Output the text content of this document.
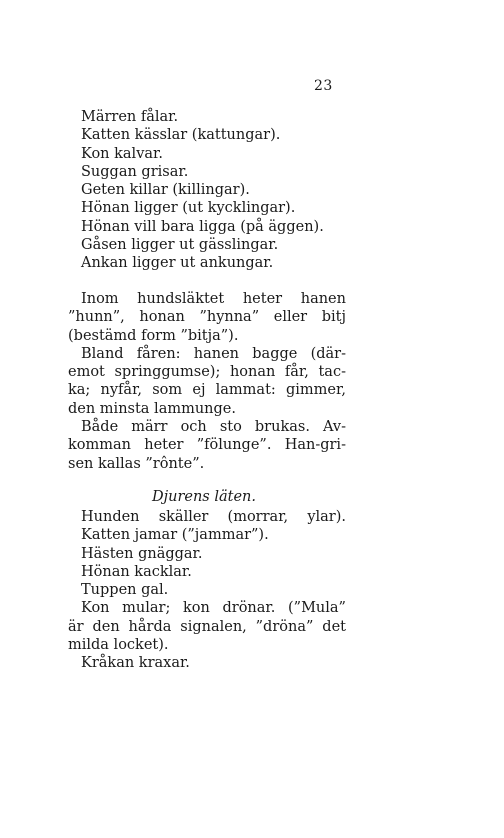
23
Märren fålar.
Katten kässlar (kattungar).
Kon kalvar.
Suggan grisar.
Geten killar (killingar).
Hönan ligger (ut kycklingar).
Hönan vill bara ligga (på äggen).
Gåsen ligger ut gässlingar.
Ankan ligger ut ankungar.
Inom hundsläktet heter hanen
”hunn”, honan ”hynna” eller bitj
(bestämd form ”bitja”).
Bland fåren: hanen bagge (där-
emot springgumse); honan får, tac-
ka; nyfår, som ej lammat: gimmer,
den minsta lammunge.
Både märr och sto brukas. Av-
komman heter ”fölunge”. Han-gri-
sen kallas ”rônte”.
Djurens läten.
Hunden skäller (morrar, ylar).
Katten jamar (”jammar”).
Hästen gnäggar.
Hönan kacklar.
Tuppen gal.
Kon mular; kon drönar. (”Mula”
är den hårda signalen, ”dröna” det
milda locket).
Kråkan kraxar.
